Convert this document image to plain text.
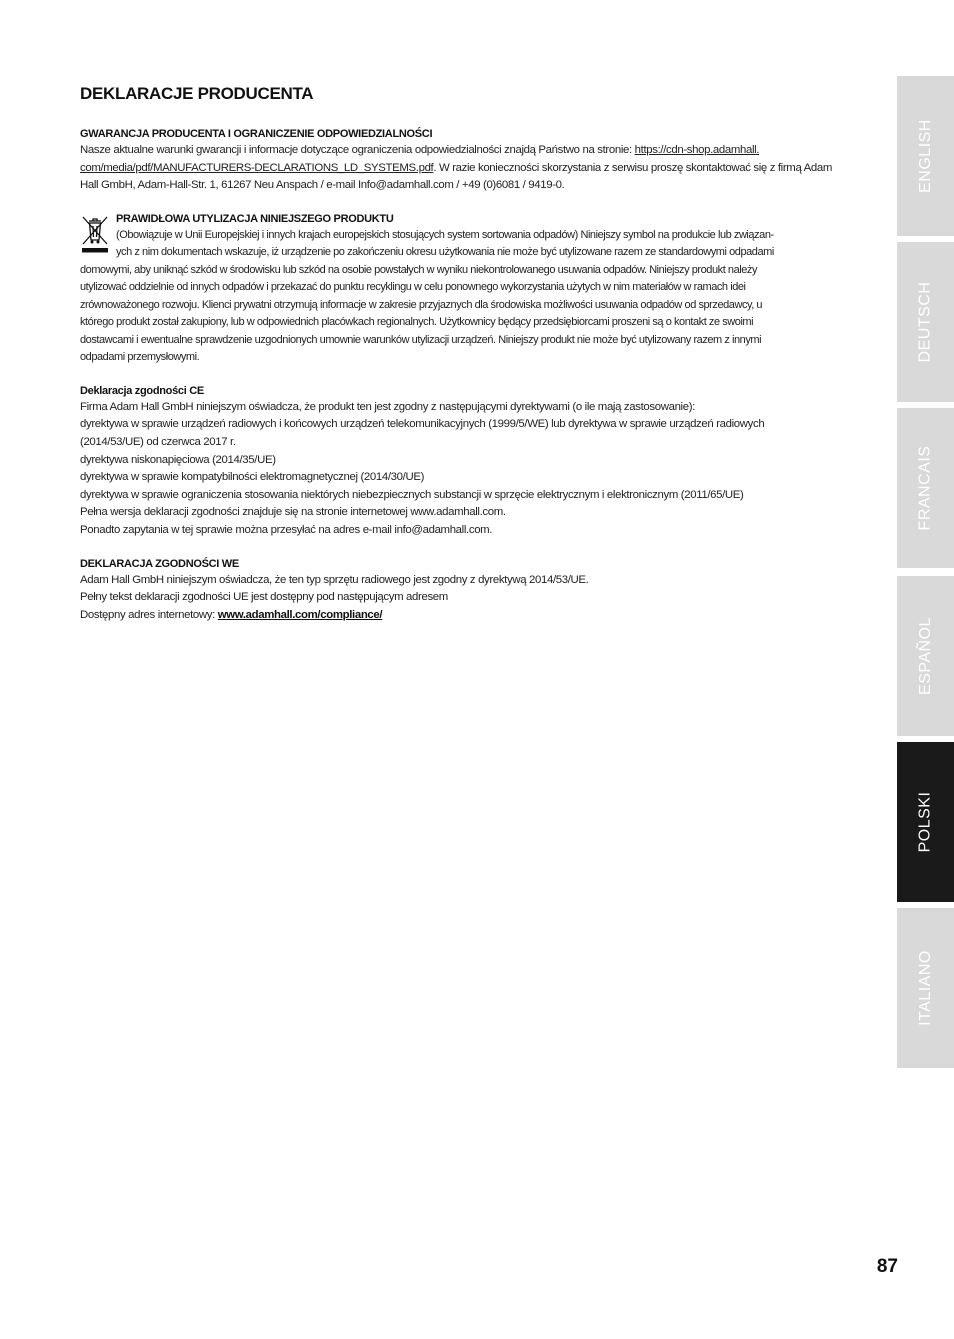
DEKLARACJE PRODUCENTA
GWARANCJA PRODUCENTA I OGRANICZENIE ODPOWIEDZIALNOŚCI

Nasze aktualne warunki gwarancji i informacje dotyczące ograniczenia odpowiedzialności znajdą Państwo na stronie: https://cdn-shop.adamhall.
com/media/pdf/MANUFACTURERS-DECLARATIONS_LD_SYSTEMS.pdf. W razie konieczności skorzystania z serwisu proszę skontaktować się z firmą Adam
Hall GmbH, Adam-Hall-Str. 1, 61267 Neu Anspach / e-mail Info@adamhall.com / +49 (0)6081 / 9419-0.

PRAWIDŁOWA UTYLIZACJA NINIEJSZEGO PRODUKTU

(Obowiązuje w Unii Europejskiej i innych krajach europejskich stosujących system sortowania odpadów) Niniejszy symbol na produkcie lub związan-
ych z nim dokumentach wskazuje, iż urządzenie po zakończeniu okresu użytkowania nie może być utylizowane razem ze standardowymi odpadami
domowymi, aby uniknąć szkód w środowisku lub szkód na osobie powstałych w wyniku niekontrolowanego usuwania odpadów. Niniejszy produkt należy
utylizować oddzielnie od innych odpadów i przekazać do punktu recyklingu w celu ponownego wykorzystania użytych w nim materiałów w ramach idei
zrównoważonego rozwoju. Klienci prywatni otrzymują informacje w zakresie przyjaznych dla środowiska możliwości usuwania odpadów od sprzedawcy, u
którego produkt został zakupiony, lub w odpowiednich placówkach regionalnych. Użytkownicy będący przedsiębiorcami proszeni są o kontakt ze swoimi
dostawcami i ewentualne sprawdzenie uzgodnionych umownie warunków utylizacji urządzeń. Niniejszy produkt nie może być utylizowany razem z innymi
odpadami przemysłowymi.

Deklaracja zgodności CE

Firma Adam Hall GmbH niniejszym oświadcza, że produkt ten jest zgodny z następującymi dyrektywami (o ile mają zastosowanie):
dyrektywa w sprawie urządzeń radiowych i końcowych urządzeń telekomunikacyjnych (1999/5/WE) lub dyrektywa w sprawie urządzeń radiowych
(2014/53/UE) od czerwca 2017 r.
dyrektywa niskonapięciowa (2014/35/UE)
dyrektywa w sprawie kompatybilności elektromagnetycznej (2014/30/UE)
dyrektywa w sprawie ograniczenia stosowania niektórych niebezpiecznych substancji w sprzęcie elektrycznym i elektronicznym (2011/65/UE)
Pełna wersja deklaracji zgodności znajduje się na stronie internetowej www.adamhall.com.
Ponadto zapytania w tej sprawie można przesyłać na adres e-mail info@adamhall.com.

DEKLARACJA ZGODNOŚCI WE

Adam Hall GmbH niniejszym oświadcza, że ten typ sprzętu radiowego jest zgodny z dyrektywą 2014/53/UE.
Pełny tekst deklaracji zgodności UE jest dostępny pod następującym adresem
Dostępny adres internetowy: www.adamhall.com/compliance/

ENGLISH
DEUTSCH
FRANCAIS
ESPAÑOL
POLSKI
ITALIANO
87
